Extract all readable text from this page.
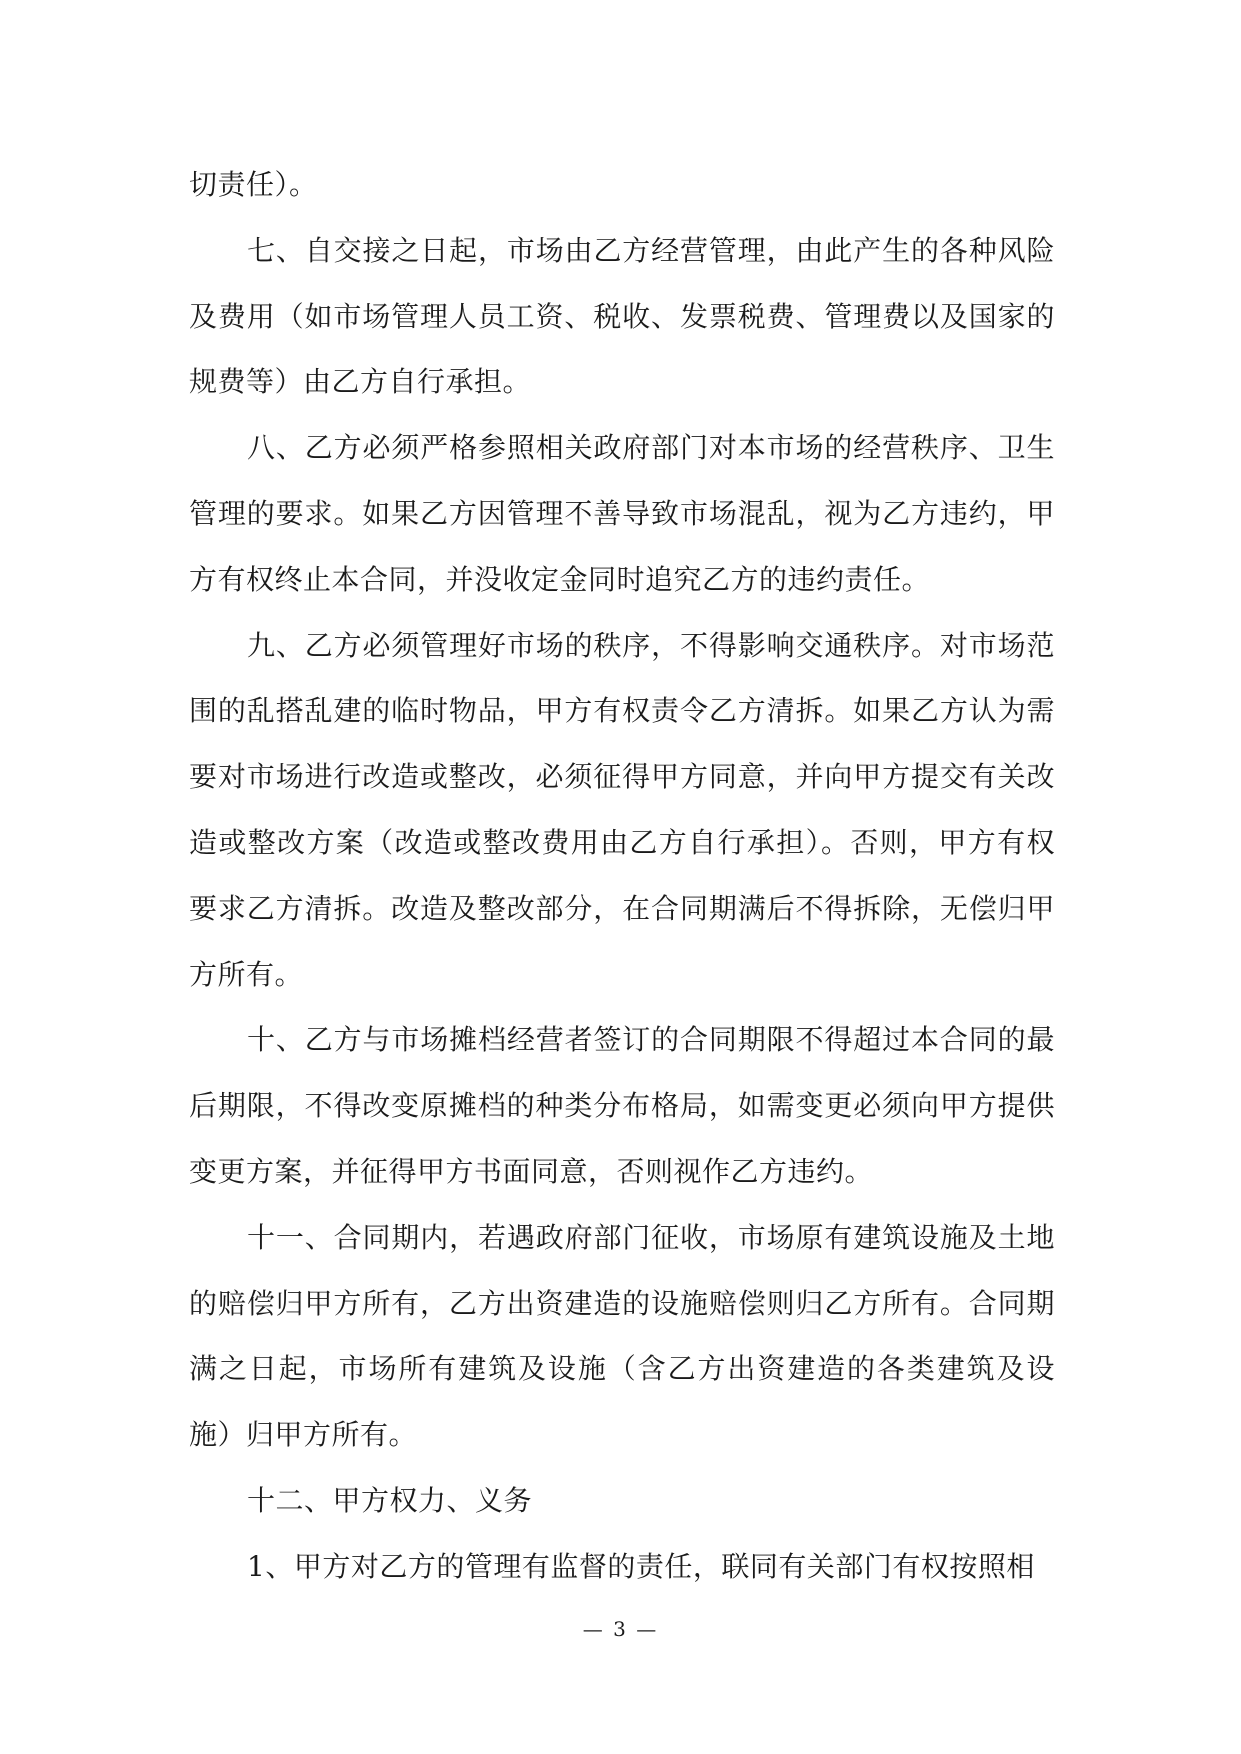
切责任）。

七、自交接之日起，市场由乙方经营管理，由此产生的各种风险及费用（如市场管理人员工资、税收、发票税费、管理费以及国家的规费等）由乙方自行承担。

八、乙方必须严格参照相关政府部门对本市场的经营秩序、卫生管理的要求。如果乙方因管理不善导致市场混乱，视为乙方违约，甲方有权终止本合同，并没收定金同时追究乙方的违约责任。

九、乙方必须管理好市场的秩序，不得影响交通秩序。对市场范围的乱搭乱建的临时物品，甲方有权责令乙方清拆。如果乙方认为需要对市场进行改造或整改，必须征得甲方同意，并向甲方提交有关改造或整改方案（改造或整改费用由乙方自行承担）。否则，甲方有权要求乙方清拆。改造及整改部分，在合同期满后不得拆除，无偿归甲方所有。

十、乙方与市场摊档经营者签订的合同期限不得超过本合同的最后期限，不得改变原摊档的种类分布格局，如需变更必须向甲方提供变更方案，并征得甲方书面同意，否则视作乙方违约。

十一、合同期内，若遇政府部门征收，市场原有建筑设施及土地的赔偿归甲方所有，乙方出资建造的设施赔偿则归乙方所有。合同期满之日起，市场所有建筑及设施（含乙方出资建造的各类建筑及设施）归甲方所有。

十二、甲方权力、义务

1、甲方对乙方的管理有监督的责任，联同有关部门有权按照相

— 3 —
